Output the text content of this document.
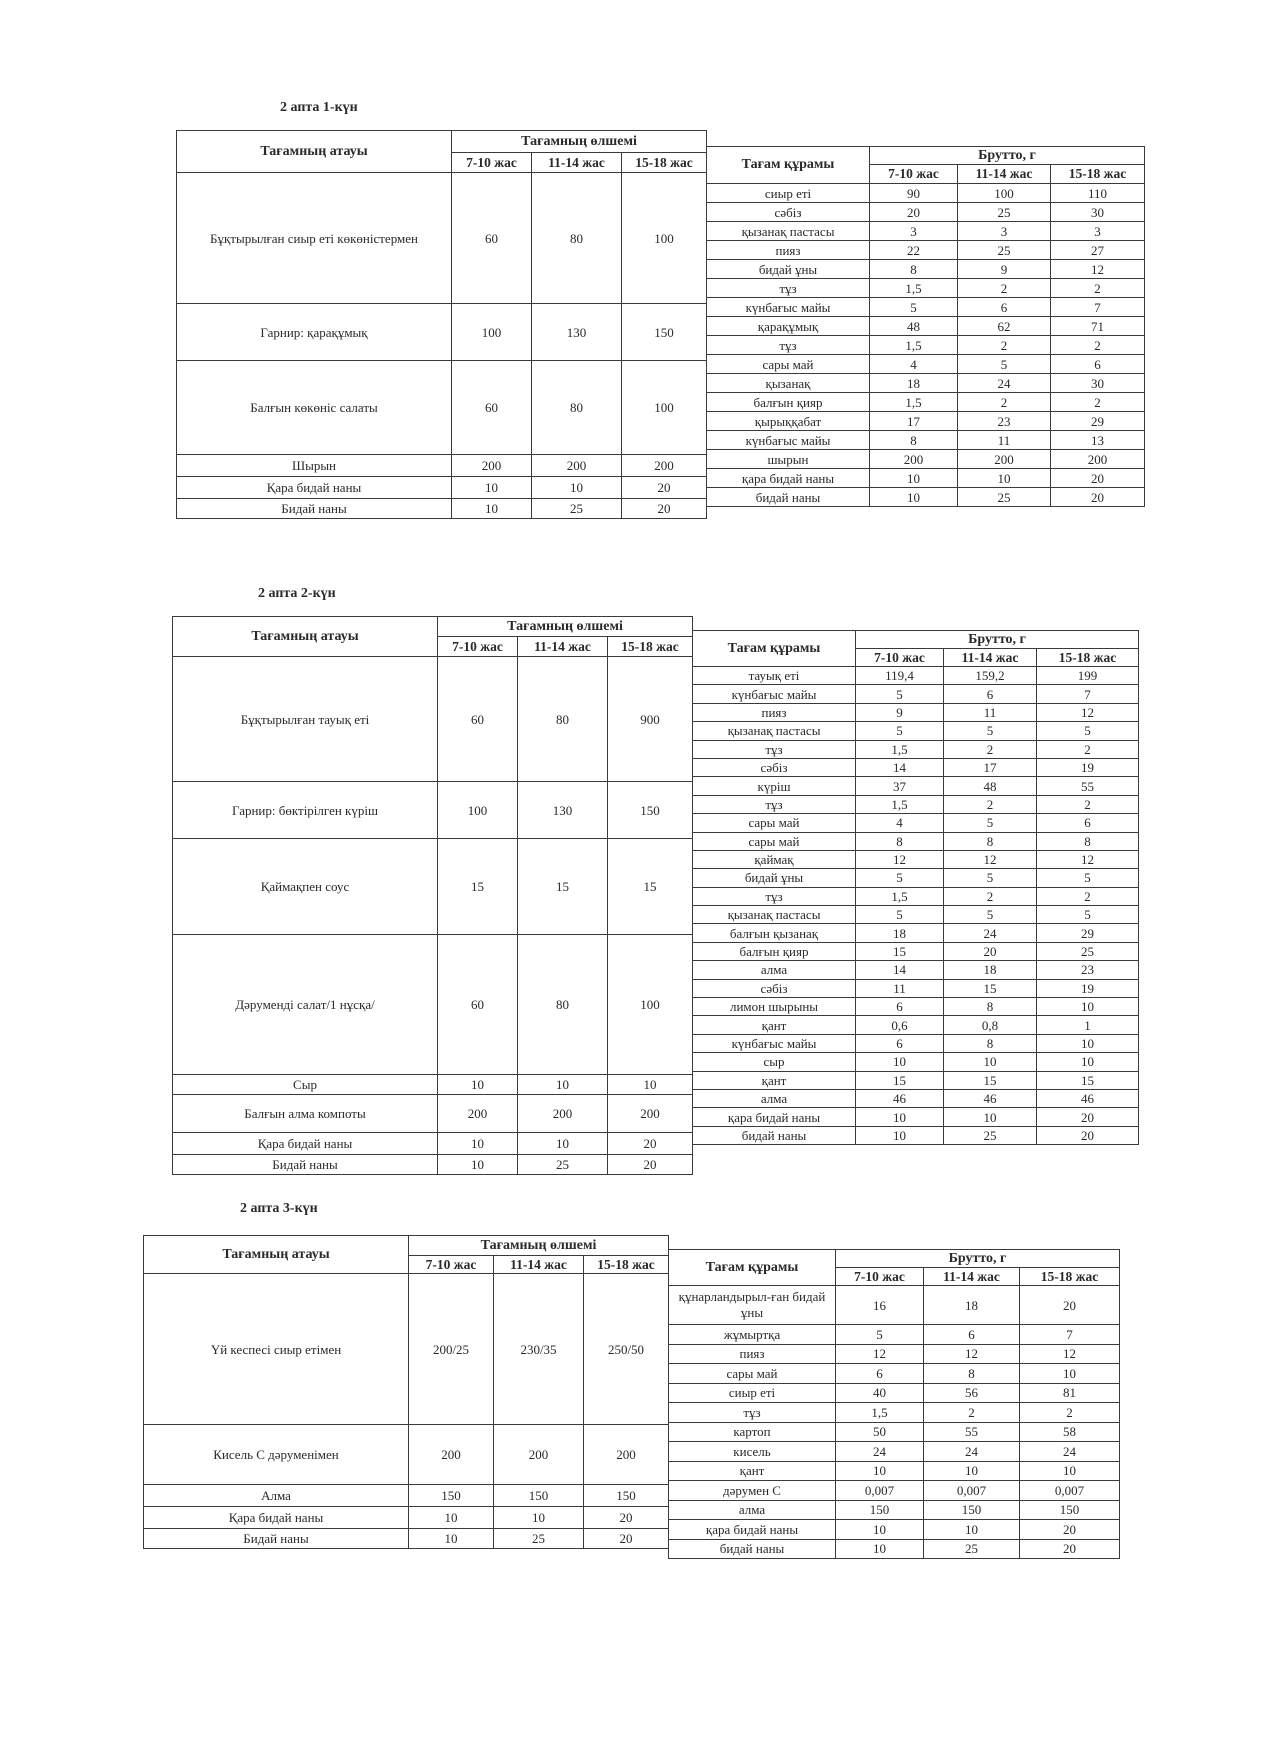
2 апта 1-күн
Тағамның атауы	Тағамның өлшемі		
	7-10 жас	11-14 жас	15-18 жас
Бұқтырылған сиыр еті көкөністермен	60	80	100
Гарнир: қарақұмық	100	130	150
Балғын көкөніс салаты	60	80	100
Шырын	200	200	200
Қара бидай наны	10	10	20
Бидай наны	10	25	20
Тағам құрамы	Брутто, г		
	7-10 жас	11-14 жас	15-18 жас
сиыр еті	90	100	110
сәбіз	20	25	30
қызанақ пастасы	3	3	3
пияз	22	25	27
бидай ұны	8	9	12
тұз	1,5	2	2
күнбағыс майы	5	6	7
қарақұмық	48	62	71
тұз	1,5	2	2
сары май	4	5	6
қызанақ	18	24	30
балғын қияр	1,5	2	2
қырыққабат	17	23	29
күнбағыс майы	8	11	13
шырын	200	200	200
қара бидай наны	10	10	20
бидай наны	10	25	20
2 апта 2-күн
Тағамның атауы	Тағамның өлшемі		
	7-10 жас	11-14 жас	15-18 жас
Бұқтырылған тауық еті	60	80	900
Гарнир: бөктірілген күріш	100	130	150
Қаймақпен соус	15	15	15
Дәрумендi салат/1 нұсқа/	60	80	100
Сыр	10	10	10
Балғын алма компоты	200	200	200
Қара бидай наны	10	10	20
Бидай наны	10	25	20
Тағам құрамы	Брутто, г		
	7-10 жас	11-14 жас	15-18 жас
тауық еті	119,4	159,2	199
күнбағыс майы	5	6	7
пияз	9	11	12
қызанақ пастасы	5	5	5
тұз	1,5	2	2
сәбіз	14	17	19
күріш	37	48	55
тұз	1,5	2	2
сары май	4	5	6
сары май	8	8	8
қаймақ	12	12	12
бидай ұны	5	5	5
тұз	1,5	2	2
қызанақ пастасы	5	5	5
балғын қызанақ	18	24	29
балғын қияр	15	20	25
алма	14	18	23
сәбіз	11	15	19
лимон шырыны	6	8	10
қант	0,6	0,8	1
күнбағыс майы	6	8	10
сыр	10	10	10
қант	15	15	15
алма	46	46	46
қара бидай наны	10	10	20
бидай наны	10	25	20
2 апта 3-күн
Тағамның атауы	Тағамның өлшемі		
	7-10 жас	11-14 жас	15-18 жас
Үй кеспесі сиыр етімен	200/25	230/35	250/50
Кисель С дәруменімен	200	200	200
Алма	150	150	150
Қара бидай наны	10	10	20
Бидай наны	10	25	20
Тағам құрамы	Брутто, г		
	7-10 жас	11-14 жас	15-18 жас
құнарландырыл-ған бидай ұны	16	18	20
жұмыртқа	5	6	7
пияз	12	12	12
сары май	6	8	10
сиыр еті	40	56	81
тұз	1,5	2	2
картоп	50	55	58
кисель	24	24	24
қант	10	10	10
дәрумен С	0,007	0,007	0,007
алма	150	150	150
қара бидай наны	10	10	20
бидай наны	10	25	20
